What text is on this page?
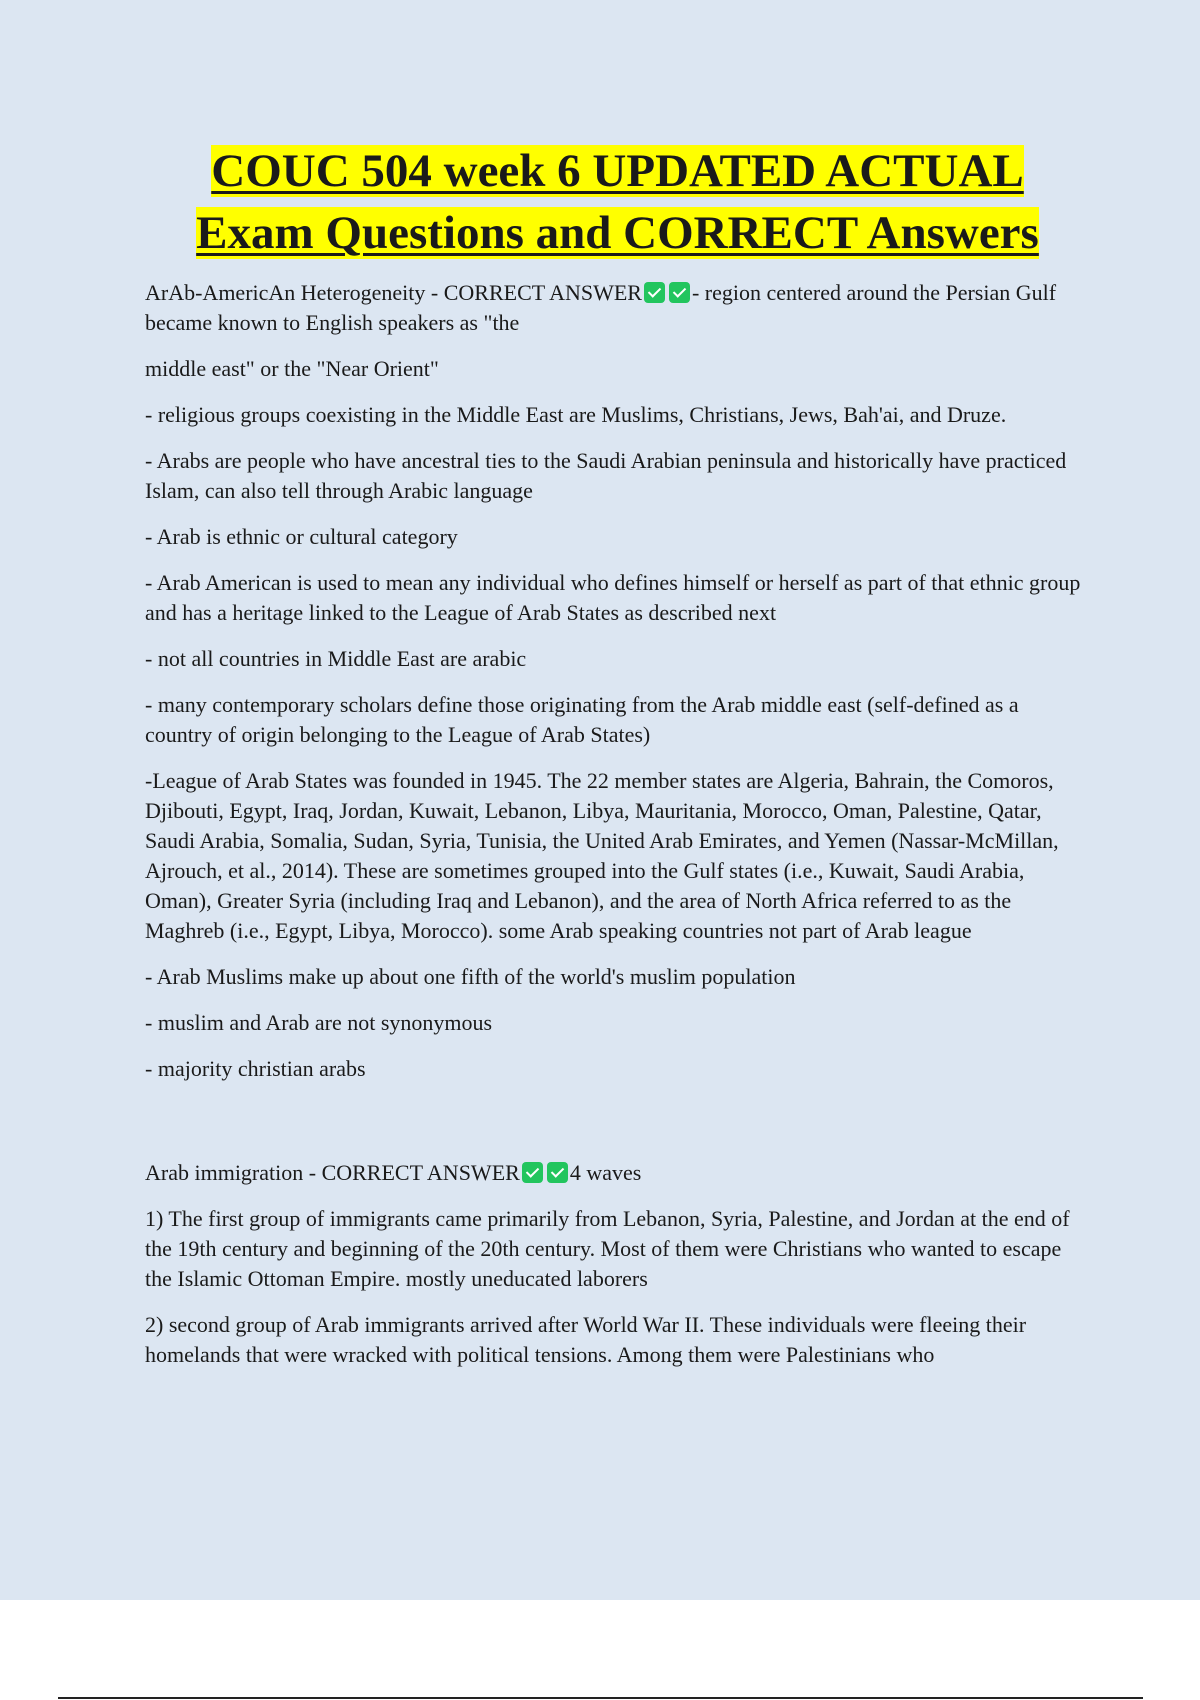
COUC 504 week 6 UPDATED ACTUAL
Exam Questions and CORRECT Answers

ArAb-AmericAn Heterogeneity - CORRECT ANSWER - region centered around the Persian Gulf became known to English speakers as "the

middle east" or the "Near Orient"

- religious groups coexisting in the Middle East are Muslims, Christians, Jews, Bah'ai, and Druze.

- Arabs are people who have ancestral ties to the Saudi Arabian peninsula and historically have practiced Islam, can also tell through Arabic language

- Arab is ethnic or cultural category

- Arab American is used to mean any individual who defines himself or herself as part of that ethnic group and has a heritage linked to the League of Arab States as described next

- not all countries in Middle East are arabic

- many contemporary scholars define those originating from the Arab middle east (self-defined as a country of origin belonging to the League of Arab States)

-League of Arab States was founded in 1945. The 22 member states are Algeria, Bahrain, the Comoros, Djibouti, Egypt, Iraq, Jordan, Kuwait, Lebanon, Libya, Mauritania, Morocco, Oman, Palestine, Qatar, Saudi Arabia, Somalia, Sudan, Syria, Tunisia, the United Arab Emirates, and Yemen (Nassar-McMillan, Ajrouch, et al., 2014). These are sometimes grouped into the Gulf states (i.e., Kuwait, Saudi Arabia, Oman), Greater Syria (including Iraq and Lebanon), and the area of North Africa referred to as the Maghreb (i.e., Egypt, Libya, Morocco). some Arab speaking countries not part of Arab league

- Arab Muslims make up about one fifth of the world's muslim population

- muslim and Arab are not synonymous

- majority christian arabs

Arab immigration - CORRECT ANSWER 4 waves

1) The first group of immigrants came primarily from Lebanon, Syria, Palestine, and Jordan at the end of the 19th century and beginning of the 20th century. Most of them were Christians who wanted to escape the Islamic Ottoman Empire. mostly uneducated laborers

2) second group of Arab immigrants arrived after World War II. These individuals were fleeing their homelands that were wracked with political tensions. Among them were Palestinians who
